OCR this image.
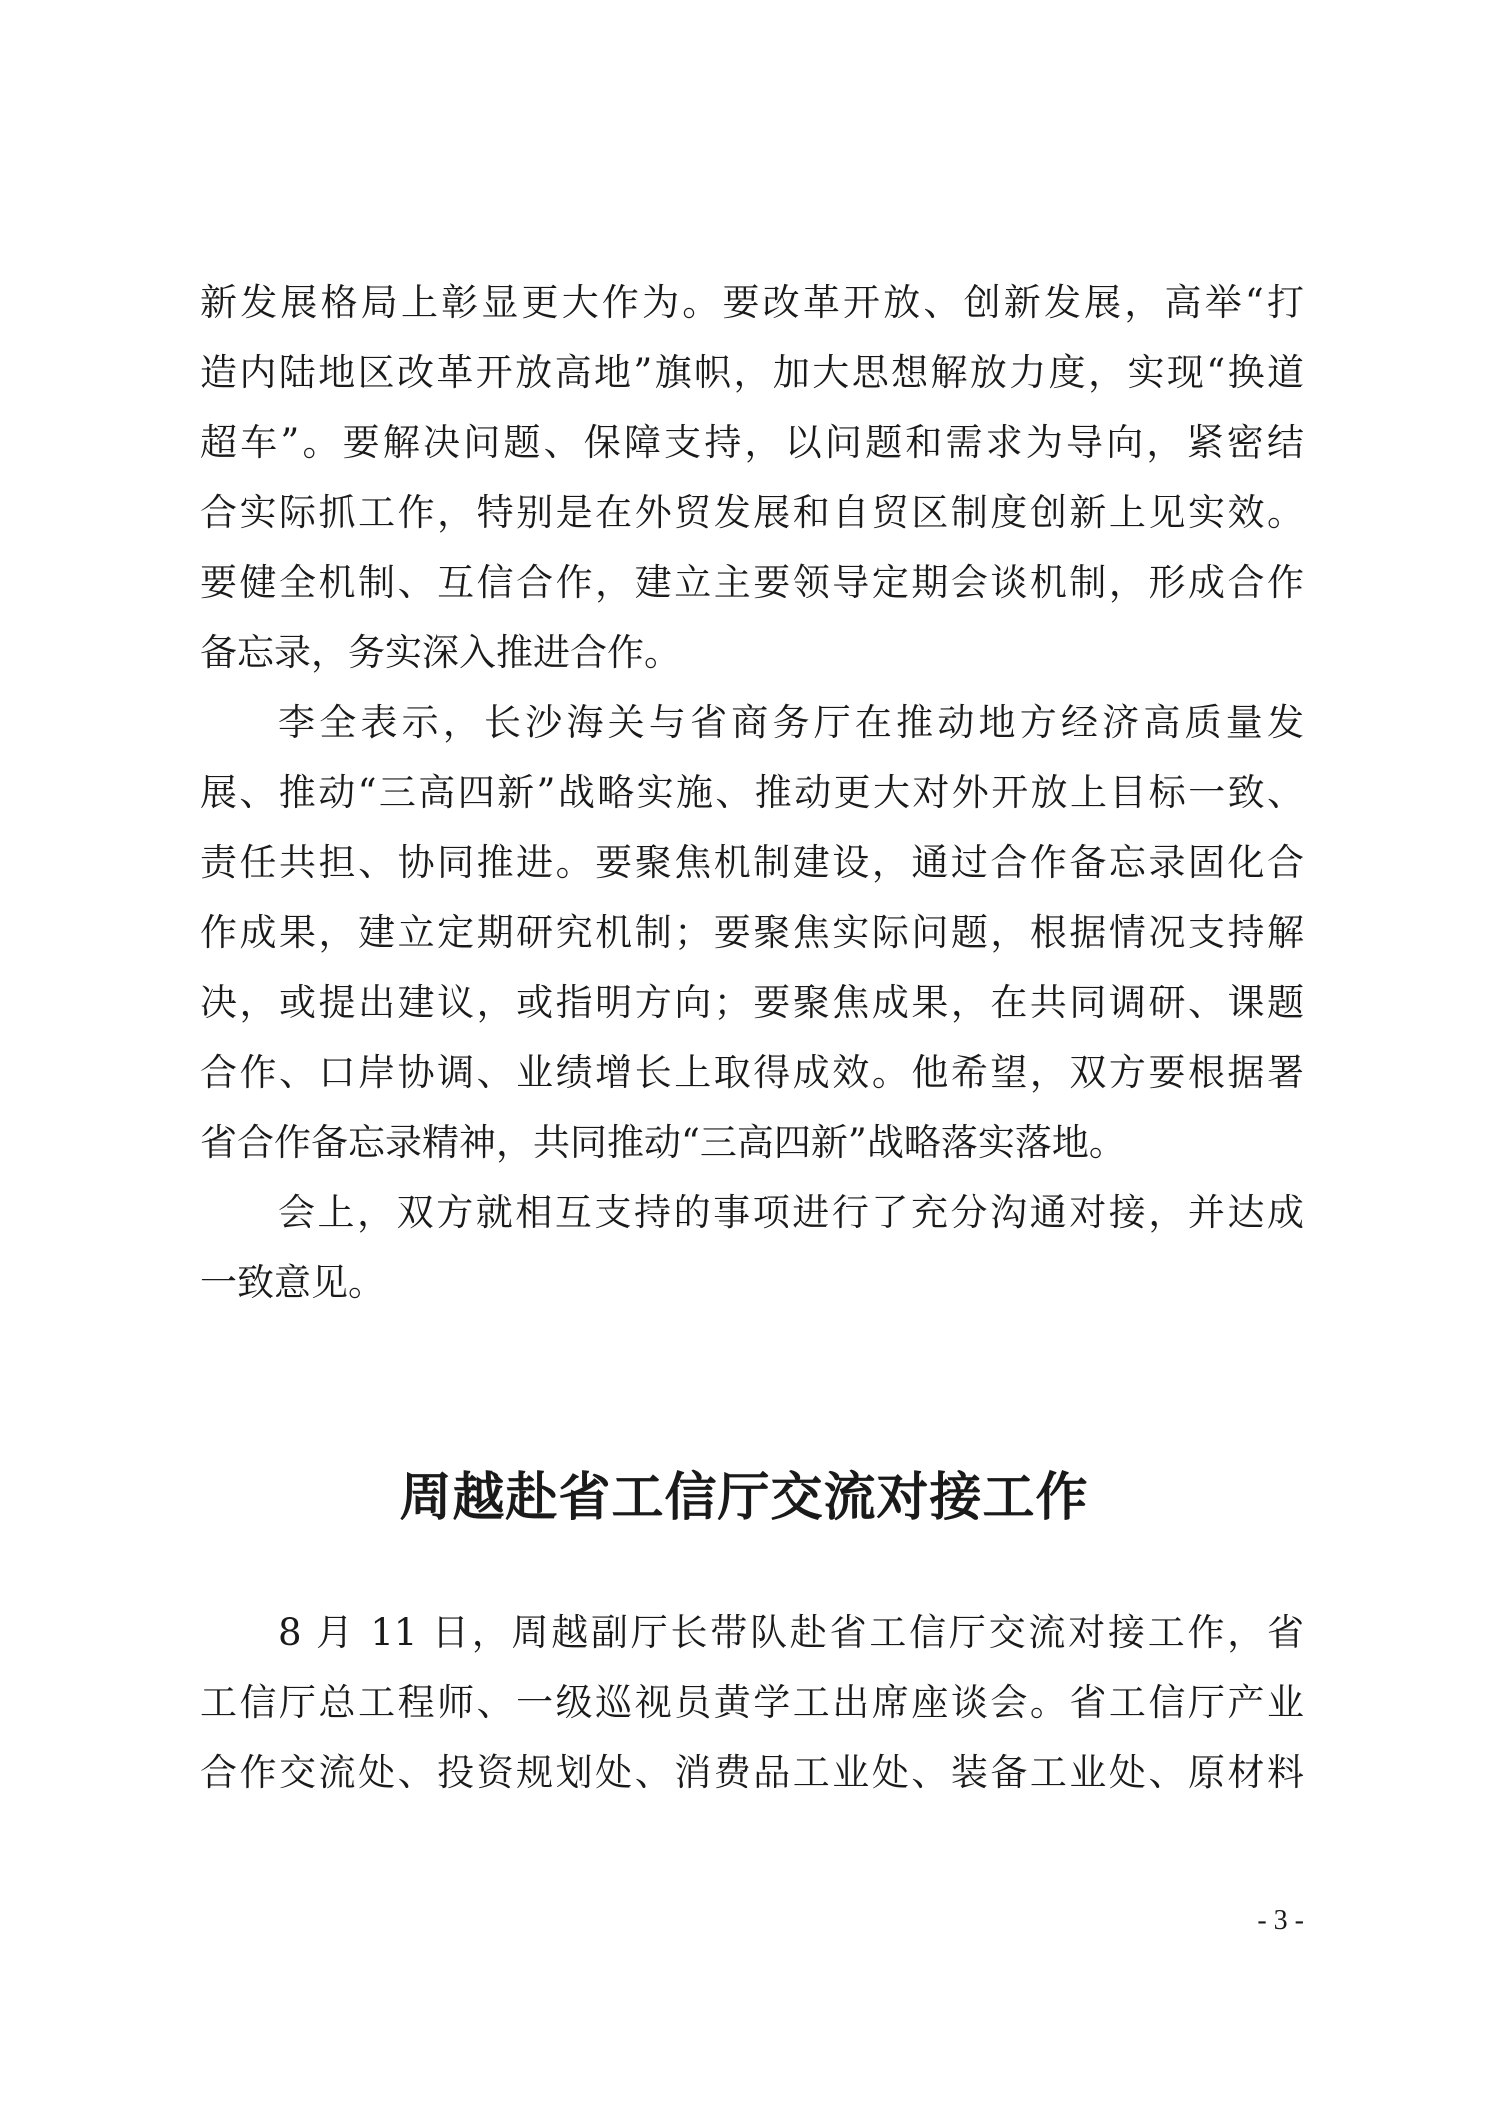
新发展格局上彰显更大作为。要改革开放、创新发展，高举“打
造内陆地区改革开放高地”旗帜，加大思想解放力度，实现“换道
超车”。要解决问题、保障支持，以问题和需求为导向，紧密结
合实际抓工作，特别是在外贸发展和自贸区制度创新上见实效。
要健全机制、互信合作，建立主要领导定期会谈机制，形成合作
备忘录，务实深入推进合作。
李全表示，长沙海关与省商务厅在推动地方经济高质量发
展、推动“三高四新”战略实施、推动更大对外开放上目标一致、
责任共担、协同推进。要聚焦机制建设，通过合作备忘录固化合
作成果，建立定期研究机制；要聚焦实际问题，根据情况支持解
决，或提出建议，或指明方向；要聚焦成果，在共同调研、课题
合作、口岸协调、业绩增长上取得成效。他希望，双方要根据署
省合作备忘录精神，共同推动“三高四新”战略落实落地。
会上，双方就相互支持的事项进行了充分沟通对接，并达成
一致意见。
周越赴省工信厅交流对接工作
8 月 11 日，周越副厅长带队赴省工信厅交流对接工作，省
工信厅总工程师、一级巡视员黄学工出席座谈会。省工信厅产业
合作交流处、投资规划处、消费品工业处、装备工业处、原材料
- 3 -
